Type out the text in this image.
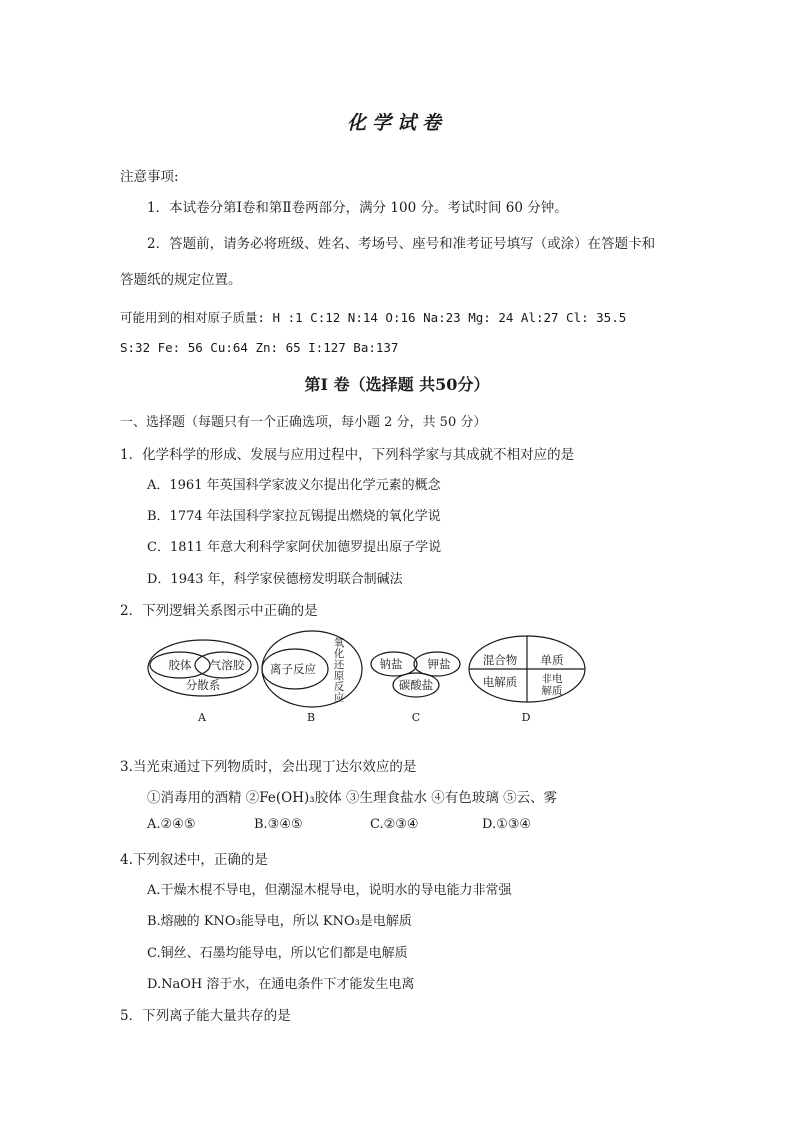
化学试卷
注意事项:
1．本试卷分第Ⅰ卷和第Ⅱ卷两部分，满分 100 分。考试时间 60 分钟。
2．答题前，请务必将班级、姓名、考场号、座号和准考证号填写（或涂）在答题卡和
答题纸的规定位置。
可能用到的相对原子质量: H :1 C:12 N:14 O:16 Na:23 Mg: 24 Al:27 Cl: 35.5
S:32 Fe: 56 Cu:64 Zn: 65 I:127 Ba:137
第Ⅰ 卷（选择题 共50分）
一、选择题（每题只有一个正确选项，每小题 2 分，共 50 分）
1．化学科学的形成、发展与应用过程中，下列科学家与其成就不相对应的是
A．1961 年英国科学家波义尔提出化学元素的概念
B．1774 年法国科学家拉瓦锡提出燃烧的氧化学说
C．1811 年意大利科学家阿伏加德罗提出原子学说
D．1943 年，科学家侯德榜发明联合制碱法
2．下列逻辑关系图示中正确的是
胶体 气溶胶
分散系
A
离子反应
氧
化
还
原
反
应
B
钠盐 钾盐
碳酸盐
C
混合物 单质
电解质 非电
解质
D
3.当光束通过下列物质时，会出现丁达尔效应的是
①消毒用的酒精 ②Fe(OH)₃胶体 ③生理食盐水 ④有色玻璃 ⑤云、雾
A.②④⑤	B.③④⑤	C.②③④	D.①③④
4.下列叙述中，正确的是
A.干燥木棍不导电，但潮湿木棍导电，说明水的导电能力非常强
B.熔融的 KNO₃能导电，所以 KNO₃是电解质
C.铜丝、石墨均能导电，所以它们都是电解质
D.NaOH 溶于水，在通电条件下才能发生电离
5．下列离子能大量共存的是
